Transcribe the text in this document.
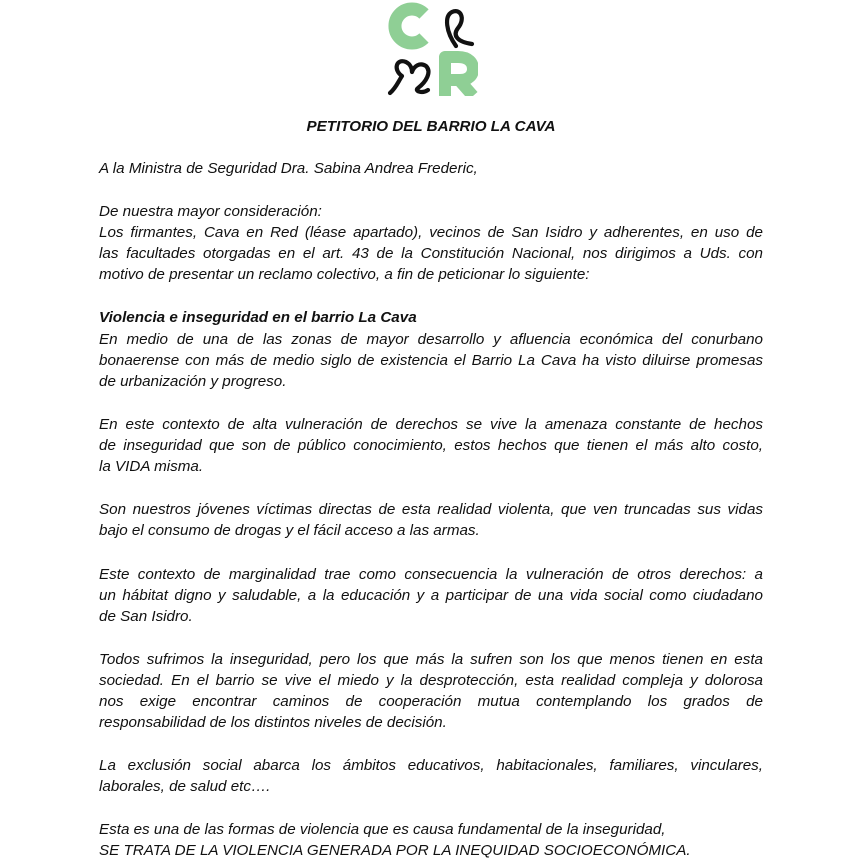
PETITORIO DEL BARRIO LA CAVA
A la Ministra de Seguridad Dra. Sabina Andrea Frederic,
De nuestra mayor consideración:
Los firmantes, Cava en Red (léase apartado), vecinos de San Isidro y adherentes, en uso de
las facultades otorgadas en el art. 43 de la Constitución Nacional, nos dirigimos a Uds. con
motivo de presentar un reclamo colectivo, a fin de peticionar lo siguiente:
Violencia e inseguridad en el barrio La Cava
En medio de una de las zonas de mayor desarrollo y afluencia económica del conurbano
bonaerense con más de medio siglo de existencia el Barrio La Cava ha visto diluirse promesas
de urbanización y progreso.
En este contexto de alta vulneración de derechos se vive la amenaza constante de hechos
de inseguridad que son de público conocimiento, estos hechos que tienen el más alto costo,
la VIDA misma.
Son nuestros jóvenes víctimas directas de esta realidad violenta, que ven truncadas sus vidas
bajo el consumo de drogas y el fácil acceso a las armas.
Este contexto de marginalidad trae como consecuencia la vulneración de otros derechos: a
un hábitat digno y saludable, a la educación y a participar de una vida social como ciudadano
de San Isidro.
Todos sufrimos la inseguridad, pero los que más la sufren son los que menos tienen en esta
sociedad. En el barrio se vive el miedo y la desprotección, esta realidad compleja y dolorosa
nos exige encontrar caminos de cooperación mutua contemplando los grados de
responsabilidad de los distintos niveles de decisión.
La exclusión social abarca los ámbitos educativos, habitacionales, familiares, vinculares,
laborales, de salud etc….
Esta es una de las formas de violencia que es causa fundamental de la inseguridad,
SE TRATA DE LA VIOLENCIA GENERADA POR LA INEQUIDAD SOCIOECONÓMICA.
